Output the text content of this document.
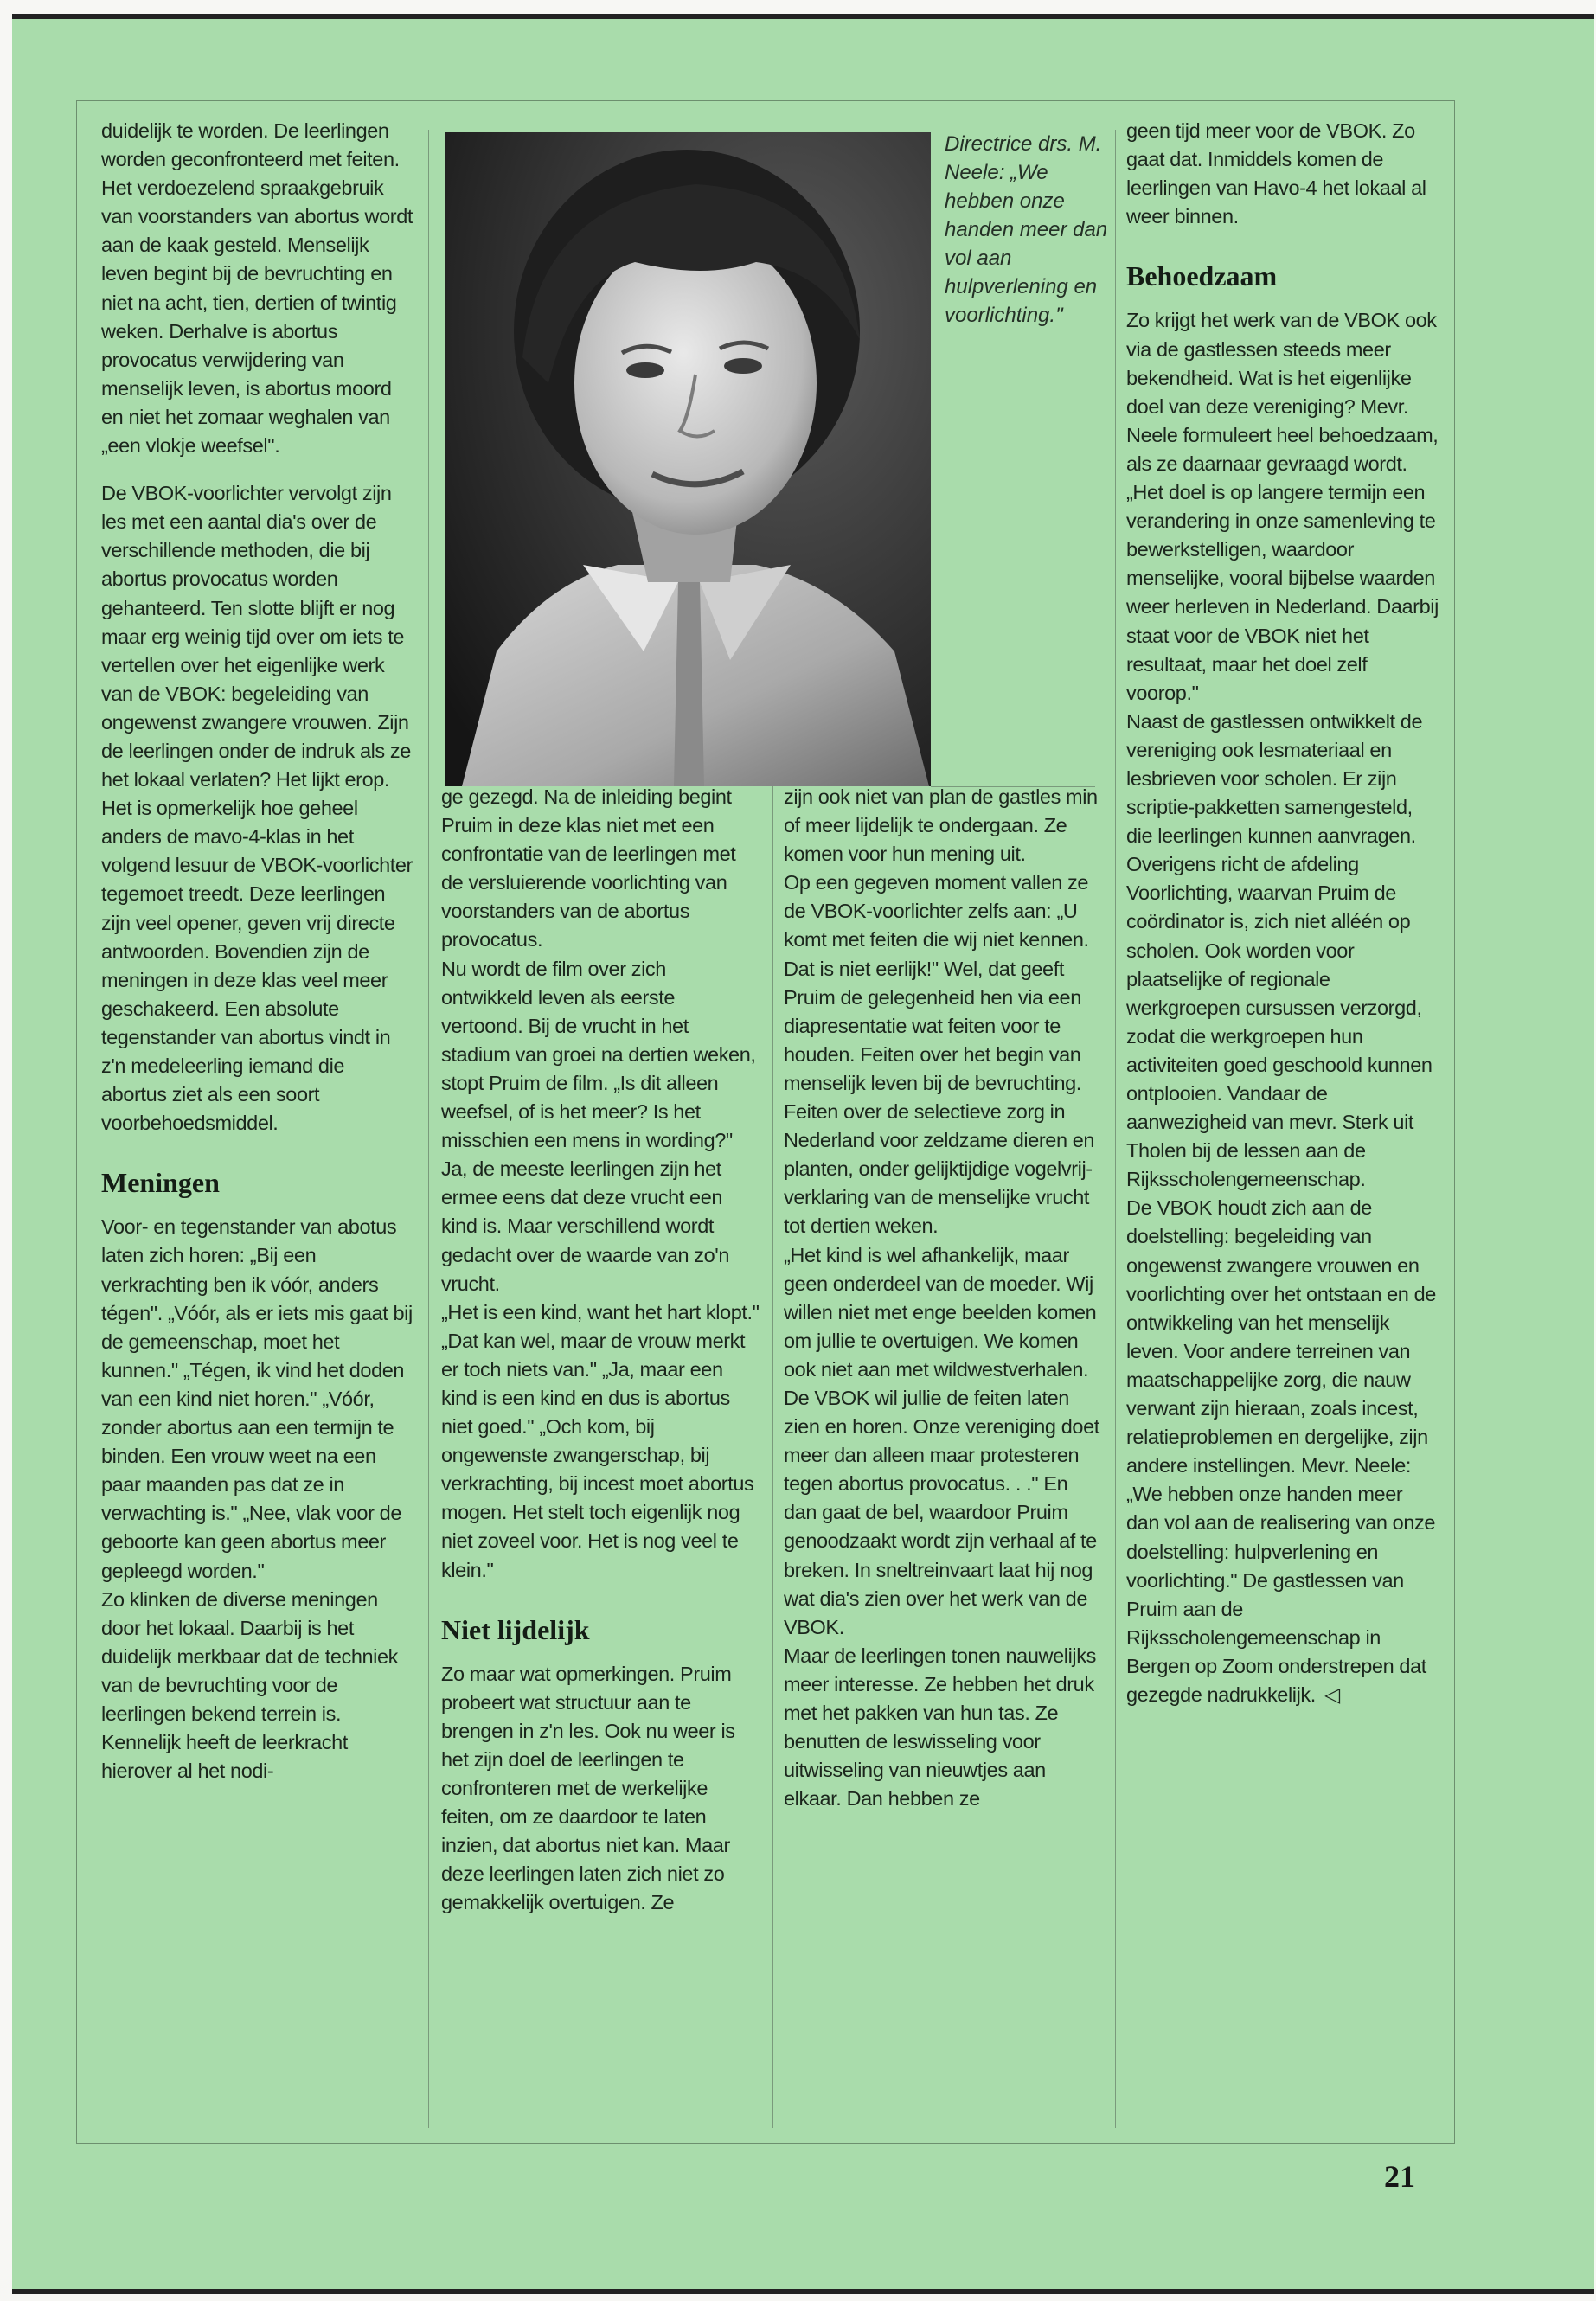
duidelijk te worden. De leerlingen worden geconfronteerd met feiten. Het verdoezelend spraakgebruik van voorstanders van abortus wordt aan de kaak gesteld. Menselijk leven begint bij de bevruchting en niet na acht, tien, dertien of twintig weken. Derhalve is abortus provocatus verwijdering van menselijk leven, is abortus moord en niet het zomaar weghalen van „een vlokje weefsel".

De VBOK-voorlichter vervolgt zijn les met een aantal dia's over de verschillende methoden, die bij abortus provocatus worden gehanteerd. Ten slotte blijft er nog maar erg weinig tijd over om iets te vertellen over het eigenlijke werk van de VBOK: begeleiding van ongewenst zwangere vrouwen. Zijn de leerlingen onder de indruk als ze het lokaal verlaten? Het lijkt erop. Het is opmerkelijk hoe geheel anders de mavo-4-klas in het volgend lesuur de VBOK-voorlichter tegemoet treedt. Deze leerlingen zijn veel opener, geven vrij directe antwoorden. Bovendien zijn de meningen in deze klas veel meer geschakeerd. Een absolute tegenstander van abortus vindt in z'n medeleerling iemand die abortus ziet als een soort voorbehoedsmiddel.

Meningen

Voor- en tegenstander van abotus laten zich horen: „Bij een verkrachting ben ik vóór, anders tégen". „Vóór, als er iets mis gaat bij de gemeenschap, moet het kunnen." „Tégen, ik vind het doden van een kind niet horen." „Vóór, zonder abortus aan een termijn te binden. Een vrouw weet na een paar maanden pas dat ze in verwachting is." „Nee, vlak voor de geboorte kan geen abortus meer gepleegd worden."

Zo klinken de diverse meningen door het lokaal. Daarbij is het duidelijk merkbaar dat de techniek van de bevruchting voor de leerlingen bekend terrein is. Kennelijk heeft de leerkracht hierover al het nodi-

Directrice drs. M. Neele: „We hebben onze handen meer dan vol aan hulpverlening en voorlichting."

ge gezegd. Na de inleiding begint Pruim in deze klas niet met een confrontatie van de leerlingen met de versluierende voorlichting van voorstanders van de abortus provocatus.

Nu wordt de film over zich ontwikkeld leven als eerste vertoond. Bij de vrucht in het stadium van groei na dertien weken, stopt Pruim de film. „Is dit alleen weefsel, of is het meer? Is het misschien een mens in wording?" Ja, de meeste leerlingen zijn het ermee eens dat deze vrucht een kind is. Maar verschillend wordt gedacht over de waarde van zo'n vrucht.

„Het is een kind, want het hart klopt." „Dat kan wel, maar de vrouw merkt er toch niets van." „Ja, maar een kind is een kind en dus is abortus niet goed." „Och kom, bij ongewenste zwangerschap, bij verkrachting, bij incest moet abortus mogen. Het stelt toch eigenlijk nog niet zoveel voor. Het is nog veel te klein."

Niet lijdelijk

Zo maar wat opmerkingen. Pruim probeert wat structuur aan te brengen in z'n les. Ook nu weer is het zijn doel de leerlingen te confronteren met de werkelijke feiten, om ze daardoor te laten inzien, dat abortus niet kan. Maar deze leerlingen laten zich niet zo gemakkelijk overtuigen. Ze

zijn ook niet van plan de gastles min of meer lijdelijk te ondergaan. Ze komen voor hun mening uit.

Op een gegeven moment vallen ze de VBOK-voorlichter zelfs aan: „U komt met feiten die wij niet kennen. Dat is niet eerlijk!" Wel, dat geeft Pruim de gelegenheid hen via een diapresentatie wat feiten voor te houden. Feiten over het begin van menselijk leven bij de bevruchting. Feiten over de selectieve zorg in Nederland voor zeldzame dieren en planten, onder gelijktijdige vogelvrij-verklaring van de menselijke vrucht tot dertien weken.

„Het kind is wel afhankelijk, maar geen onderdeel van de moeder. Wij willen niet met enge beelden komen om jullie te overtuigen. We komen ook niet aan met wildwestverhalen. De VBOK wil jullie de feiten laten zien en horen. Onze vereniging doet meer dan alleen maar protesteren tegen abortus provocatus. . ." En dan gaat de bel, waardoor Pruim genoodzaakt wordt zijn verhaal af te breken. In sneltreinvaart laat hij nog wat dia's zien over het werk van de VBOK.

Maar de leerlingen tonen nauwelijks meer interesse. Ze hebben het druk met het pakken van hun tas. Ze benutten de leswisseling voor uitwisseling van nieuwtjes aan elkaar. Dan hebben ze

geen tijd meer voor de VBOK. Zo gaat dat. Inmiddels komen de leerlingen van Havo-4 het lokaal al weer binnen.

Behoedzaam

Zo krijgt het werk van de VBOK ook via de gastlessen steeds meer bekendheid. Wat is het eigenlijke doel van deze vereniging? Mevr. Neele formuleert heel behoedzaam, als ze daarnaar gevraagd wordt. „Het doel is op langere termijn een verandering in onze samenleving te bewerkstelligen, waardoor menselijke, vooral bijbelse waarden weer herleven in Nederland. Daarbij staat voor de VBOK niet het resultaat, maar het doel zelf voorop."

Naast de gastlessen ontwikkelt de vereniging ook lesmateriaal en lesbrieven voor scholen. Er zijn scriptie-pakketten samengesteld, die leerlingen kunnen aanvragen. Overigens richt de afdeling Voorlichting, waarvan Pruim de coördinator is, zich niet alléén op scholen. Ook worden voor plaatselijke of regionale werkgroepen cursussen verzorgd, zodat die werkgroepen hun activiteiten goed geschoold kunnen ontplooien. Vandaar de aanwezigheid van mevr. Sterk uit Tholen bij de lessen aan de Rijksscholengemeenschap.

De VBOK houdt zich aan de doelstelling: begeleiding van ongewenst zwangere vrouwen en voorlichting over het ontstaan en de ontwikkeling van het menselijk leven. Voor andere terreinen van maatschappelijke zorg, die nauw verwant zijn hieraan, zoals incest, relatieproblemen en dergelijke, zijn andere instellingen. Mevr. Neele: „We hebben onze handen meer dan vol aan de realisering van onze doelstelling: hulpverlening en voorlichting." De gastlessen van Pruim aan de Rijksscholengemeenschap in Bergen op Zoom onderstrepen dat gezegde nadrukkelijk. ◁

21
